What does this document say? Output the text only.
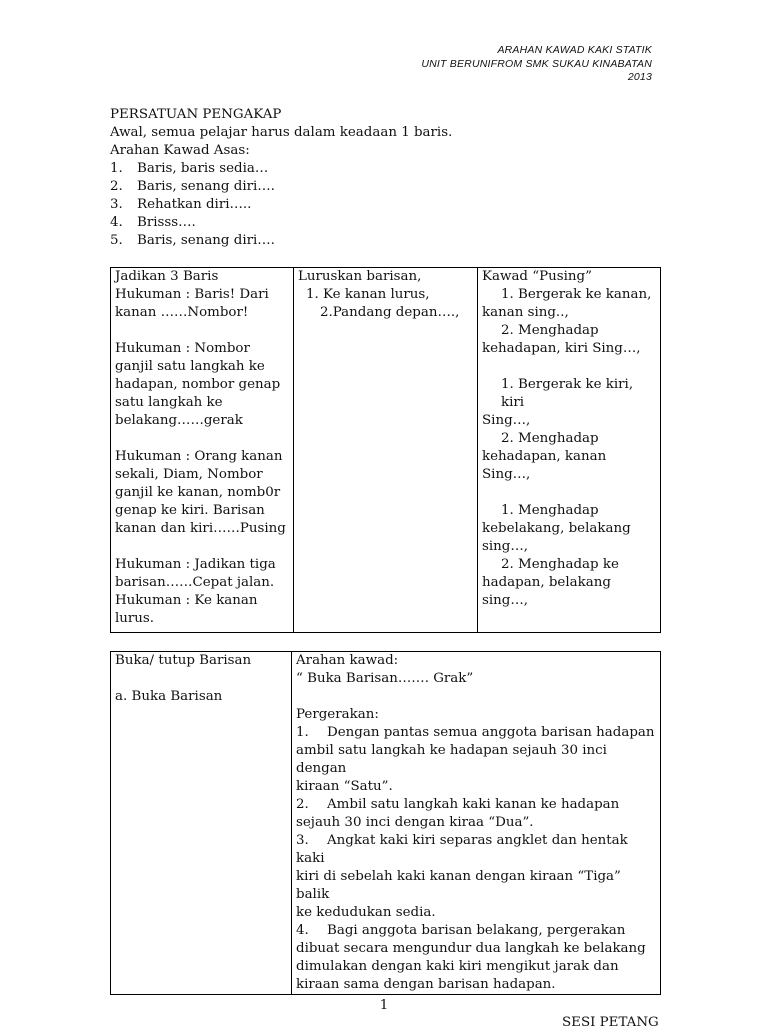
ARAHAN KAWAD KAKI STATIK
UNIT BERUNIFROM SMK SUKAU KINABATAN
2013
PERSATUAN PENGAKAP
Awal, semua pelajar harus dalam keadaan 1 baris.
Arahan Kawad Asas:
1.	Baris, baris sedia…
2.	Baris, senang diri….
3.	Rehatkan diri…..
4.	Brisss….
5.	Baris, senang diri….
Jadikan 3 Baris
Hukuman : Baris! Dari
kanan ……Nombor!
Hukuman : Nombor
ganjil satu langkah ke
hadapan, nombor genap
satu langkah ke
belakang……gerak
Hukuman : Orang kanan
sekali, Diam, Nombor
ganjil ke kanan, nomb0r
genap ke kiri. Barisan
kanan dan kiri……Pusing
Hukuman : Jadikan tiga
barisan……Cepat jalan.
Hukuman : Ke kanan
lurus.

Luruskan barisan,
1. Ke kanan lurus,
2.Pandang depan….,

Kawad “Pusing”
1. Bergerak ke kanan,
kanan sing..,
2. Menghadap
kehadapan, kiri Sing…,
1. Bergerak ke kiri, kiri
Sing…,
2. Menghadap
kehadapan, kanan Sing…,
1. Menghadap
kebelakang, belakang
sing…,
2. Menghadap ke
hadapan, belakang sing…,
Buka/ tutup Barisan
a. Buka Barisan

Arahan kawad:
“ Buka Barisan……. Grak”
Pergerakan:
1. Dengan pantas semua anggota barisan hadapan
ambil satu langkah ke hadapan sejauh 30 inci dengan
kiraan “Satu”.
2. Ambil satu langkah kaki kanan ke hadapan
sejauh 30 inci dengan kiraa “Dua”.
3. Angkat kaki kiri separas angklet dan hentak kaki
kiri di sebelah kaki kanan dengan kiraan “Tiga” balik
ke kedudukan sedia.
4. Bagi anggota barisan belakang, pergerakan
dibuat secara mengundur dua langkah ke belakang
dimulakan dengan kaki kiri mengikut jarak dan
kiraan sama dengan barisan hadapan.
1
SESI PETANG
